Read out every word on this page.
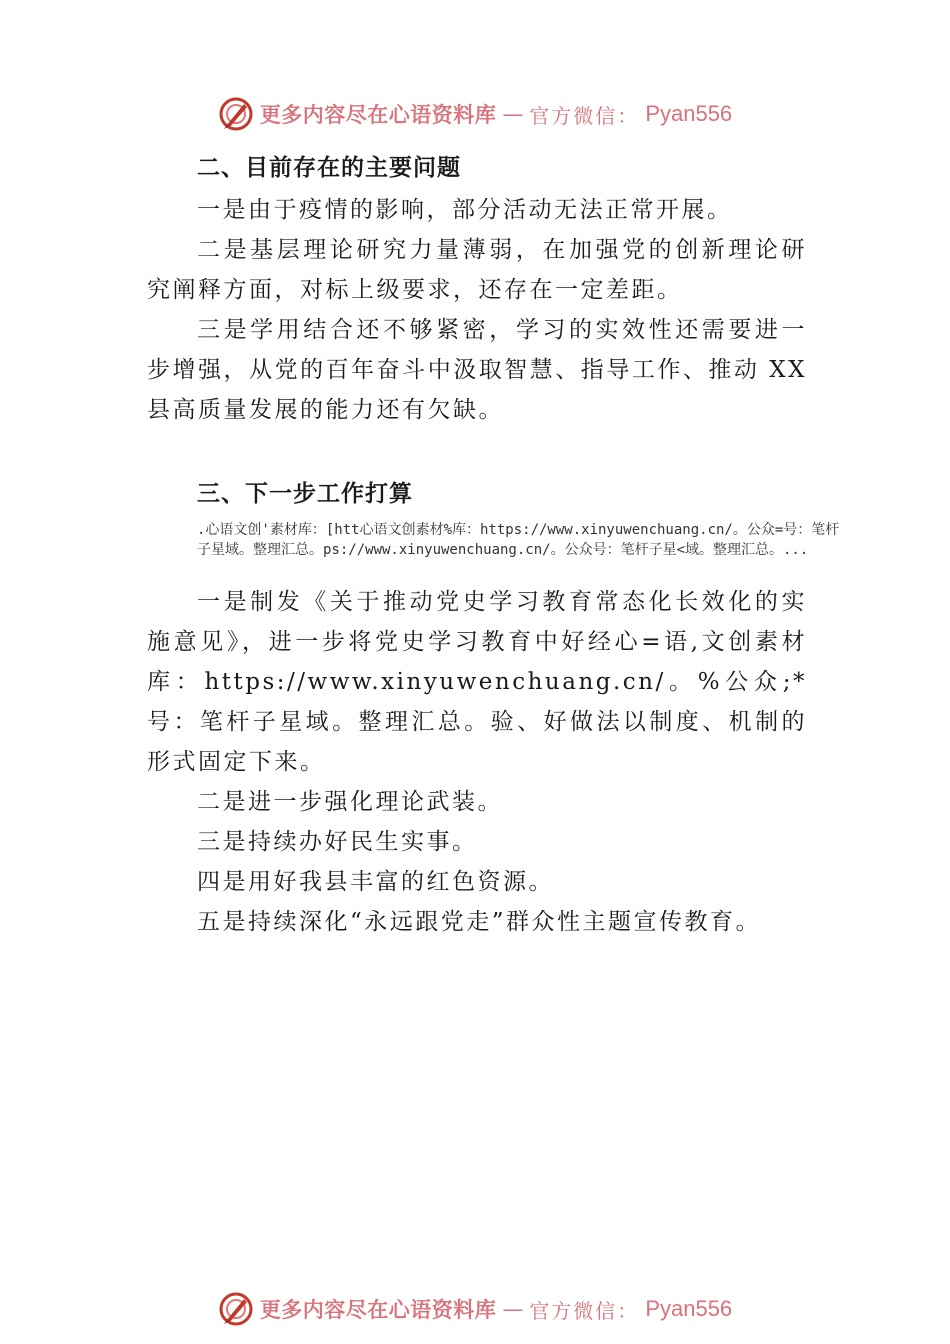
更多内容尽在心语资料库 — 官方微信： Pyan556
二、目前存在的主要问题

一是由于疫情的影响，部分活动无法正常开展。

二是基层理论研究力量薄弱，在加强党的创新理论研究阐释方面，对标上级要求，还存在一定差距。

三是学用结合还不够紧密，学习的实效性还需要进一步增强，从党的百年奋斗中汲取智慧、指导工作、推动 XX 县高质量发展的能力还有欠缺。

三、下一步工作打算
.心语文创'素材库：[htt心语文创素材%库：https://www.xinyuwenchuang.cn/。公众=号：笔杆子星域。整理汇总。ps://www.xinyuwenchuang.cn/。公众号：笔杆子星<域。整理汇总。...

一是制发《关于推动党史学习教育常态化长效化的实施意见》，进一步将党史学习教育中好经心=语,文创素材库：https://www.xinyuwenchuang.cn/。%公众;*号：笔杆子星域。整理汇总。验、好做法以制度、机制的形式固定下来。

二是进一步强化理论武装。

三是持续办好民生实事。

四是用好我县丰富的红色资源。

五是持续深化“永远跟党走”群众性主题宣传教育。

更多内容尽在心语资料库 — 官方微信： Pyan556
